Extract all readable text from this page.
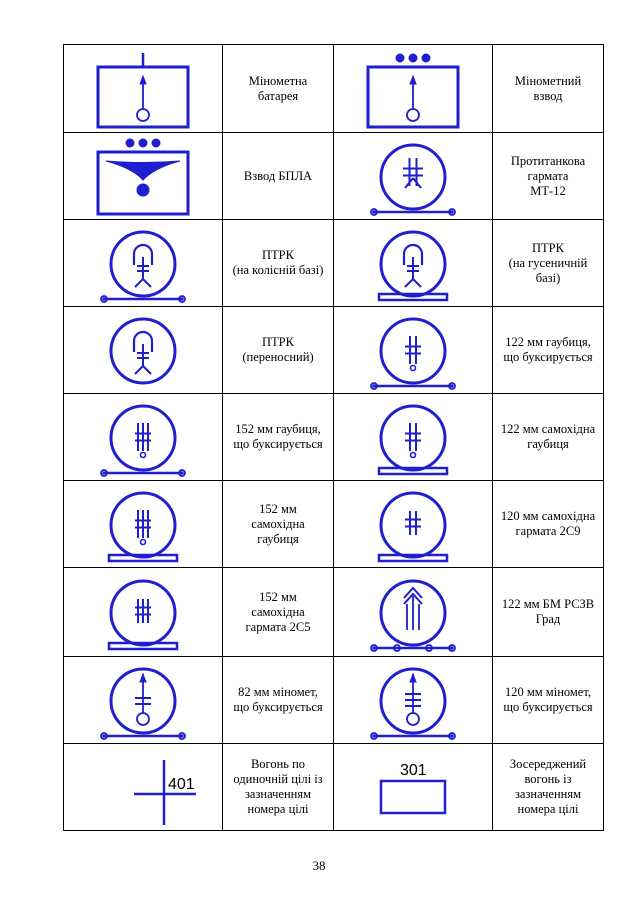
Мінометна
батарея		Мінометний
взвод

Взвод БПЛА		Протитанкова
гармата
МТ-12

ПТРК
(на колісній базі)		ПТРК
(на гусеничній
базі)

ПТРК
(переносний)		122 мм гаубиця,
що буксирується

152 мм гаубиця,
що буксирується		122 мм самохідна
гаубиця

152 мм
самохідна
гаубиця		120 мм самохідна
гармата 2С9

152 мм
самохідна
гармата 2С5		122 мм БМ РСЗВ
Град

82 мм міномет,
що буксирується		120 мм міномет,
що буксирується

401	Вогонь по
одиночній цілі із
зазначенням
номера цілі	301	Зосереджений
вогонь із
зазначенням
номера цілі
38
